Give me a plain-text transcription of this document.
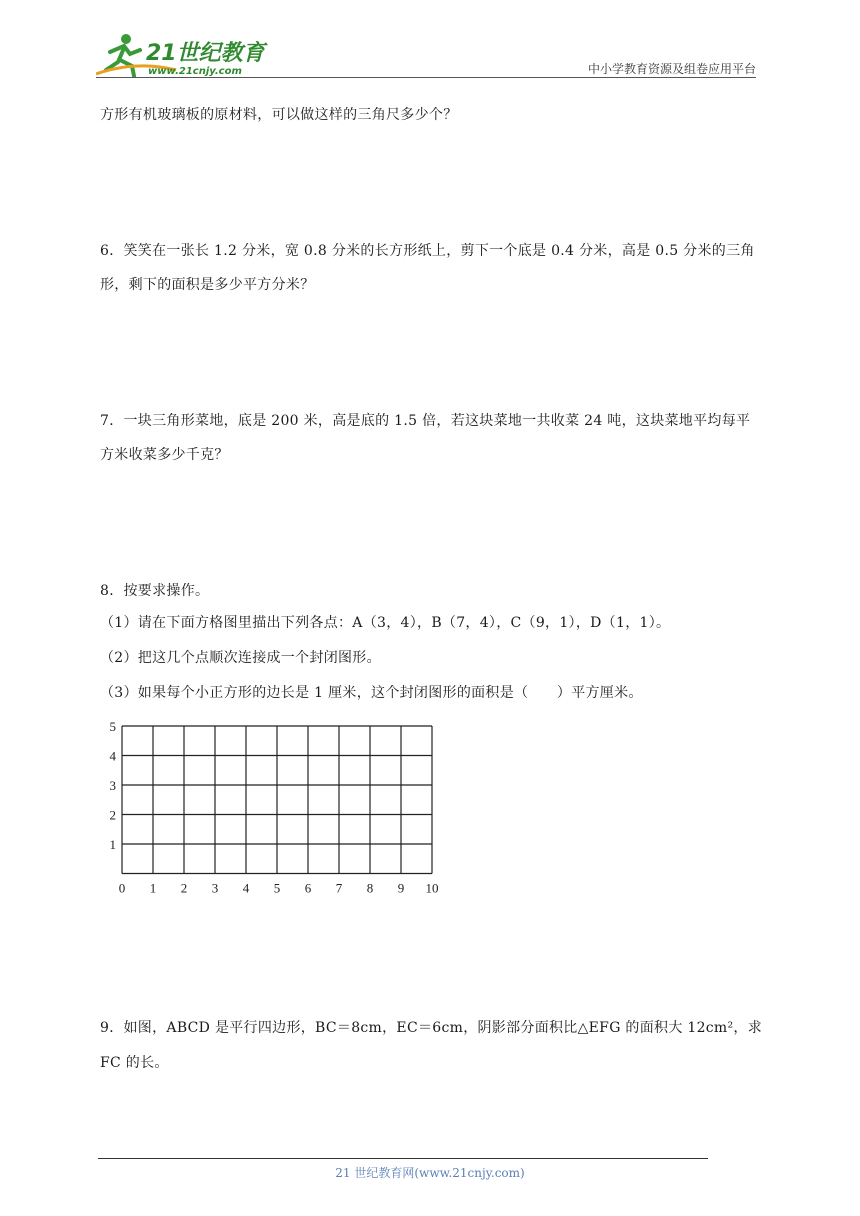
21世纪教育
www.21cnjy.com	中小学教育资源及组卷应用平台
方形有机玻璃板的原材料，可以做这样的三角尺多少个？
6．笑笑在一张长 1.2 分米，宽 0.8 分米的长方形纸上，剪下一个底是 0.4 分米，高是 0.5 分米的三角
形，剩下的面积是多少平方分米？
7．一块三角形菜地，底是 200 米，高是底的 1.5 倍，若这块菜地一共收菜 24 吨，这块菜地平均每平
方米收菜多少千克？
8．按要求操作。
（1）请在下面方格图里描出下列各点：A（3，4），B（7，4），C（9，1），D（1，1）。
（2）把这几个点顺次连接成一个封闭图形。
（3）如果每个小正方形的边长是 1 厘米，这个封闭图形的面积是（　　）平方厘米。
0 1 2 3 4 5 6 7 8 9 10
1
2
3
4
5
9．如图，ABCD 是平行四边形，BC＝8cm，EC＝6cm，阴影部分面积比△EFG 的面积大 12cm²，求
FC 的长。
21 世纪教育网(www.21cnjy.com)
